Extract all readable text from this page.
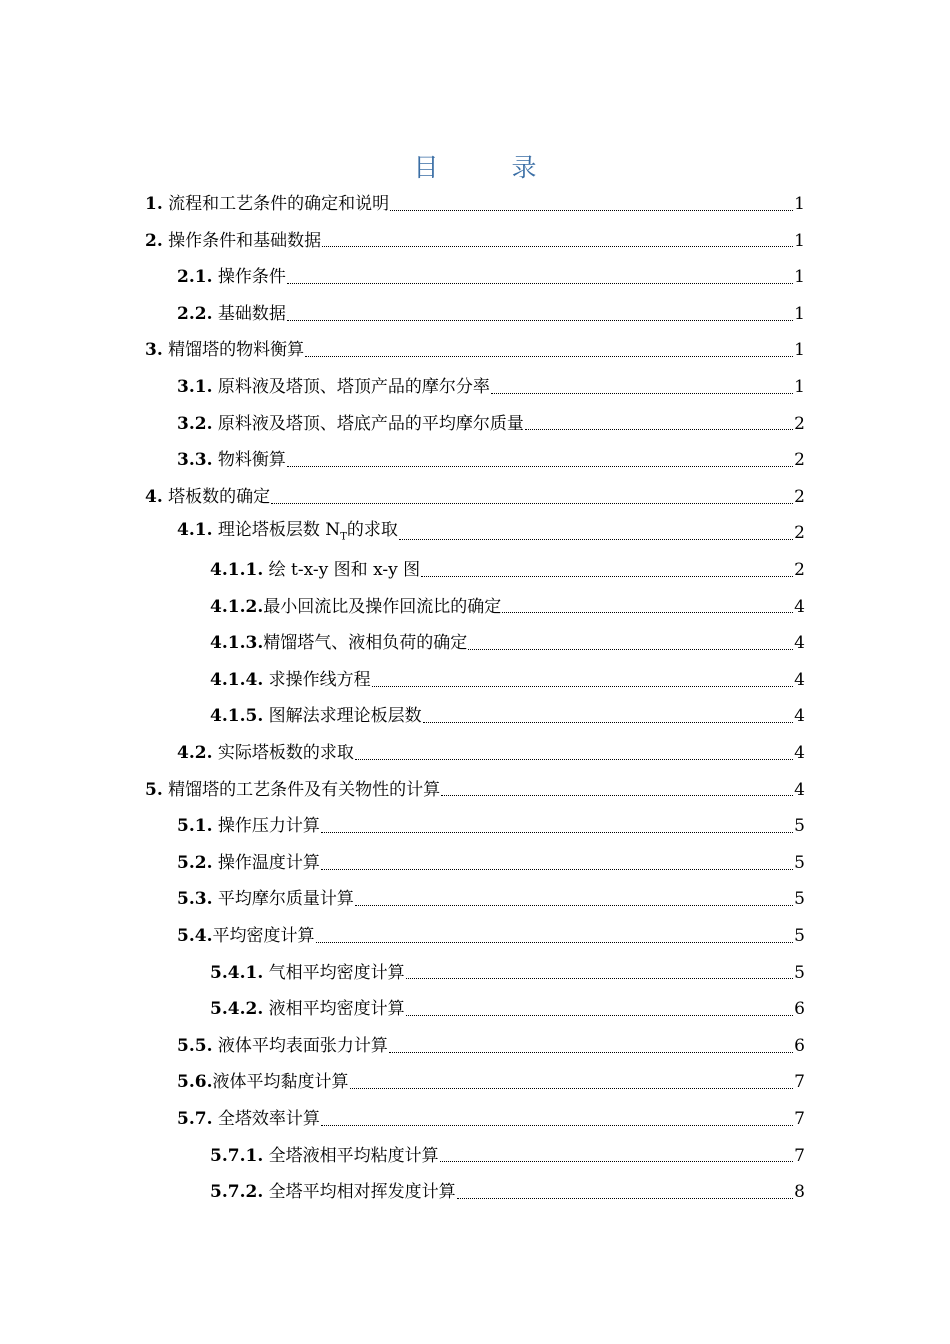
目　录
1. 流程和工艺条件的确定和说明	1
2. 操作条件和基础数据	1
2.1. 操作条件	1
2.2. 基础数据	1
3. 精馏塔的物料衡算	1
3.1. 原料液及塔顶、塔顶产品的摩尔分率	1
3.2. 原料液及塔顶、塔底产品的平均摩尔质量	2
3.3. 物料衡算	2
4. 塔板数的确定	2
4.1. 理论塔板层数 $N_T$的求取	2
4.1.1. 绘 t-x-y 图和 x-y 图	2
4.1.2.最小回流比及操作回流比的确定	4
4.1.3.精馏塔气、液相负荷的确定	4
4.1.4. 求操作线方程	4
4.1.5. 图解法求理论板层数	4
4.2. 实际塔板数的求取	4
5. 精馏塔的工艺条件及有关物性的计算	4
5.1. 操作压力计算	5
5.2. 操作温度计算	5
5.3. 平均摩尔质量计算	5
5.4.平均密度计算	5
5.4.1. 气相平均密度计算	5
5.4.2. 液相平均密度计算	6
5.5. 液体平均表面张力计算	6
5.6.液体平均黏度计算	7
5.7. 全塔效率计算	7
5.7.1. 全塔液相平均粘度计算	7
5.7.2. 全塔平均相对挥发度计算	8
